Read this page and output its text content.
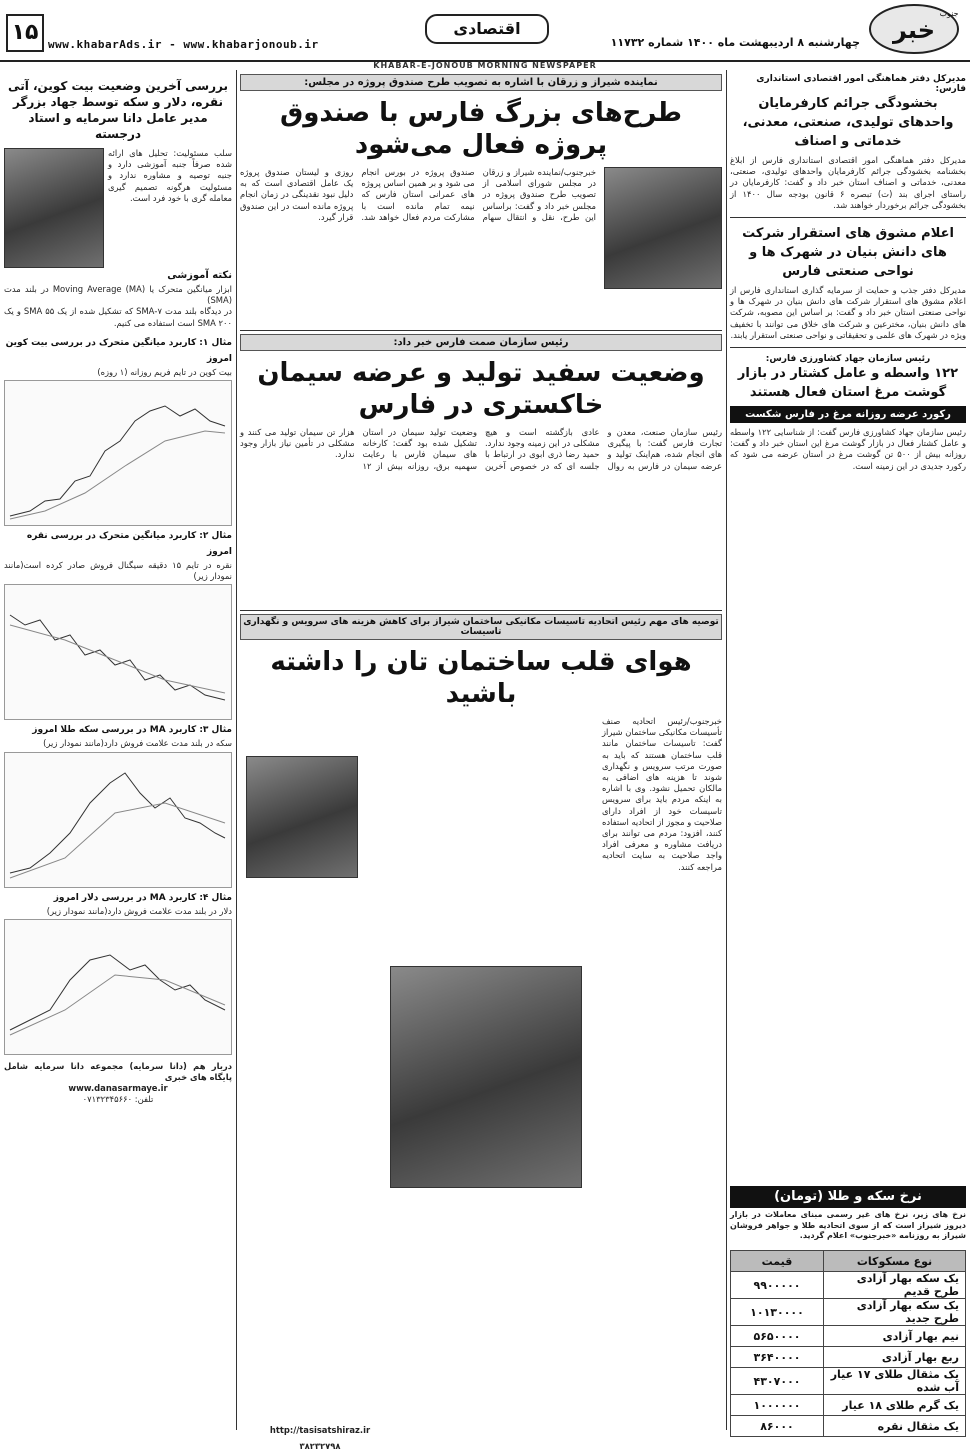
۱۵ www.khabarAds.ir - www.khabarjonoub.ir
اقتصادی
چهارشنبه ۸ اردیبهشت ماه ۱۴۰۰ شماره ۱۱۷۳۲ خبر
جنوب
KHABAR-E-JONOUB MORNING NEWSPAPER
بررسی آخرین وضعیت بیت کوین، آتی نقره، دلار و سکه توسط جهاد بزرگر مدیر عامل دانا سرمایه و استاد درجسته
سلب مسئولیت: تحلیل های ارائه شده صرفاً جنبه آموزشی دارد و جنبه توصیه و مشاوره ندارد و مسئولیت هرگونه تصمیم گیری معامله گری با خود فرد است.
نکته آموزشی
ابزار میانگین متحرک یا Moving Average (MA) در بلند مدت (SMA)
در دیدگاه بلند مدت ۷-SMA که تشکیل شده از یک SMA ۵۵ و یک SMA ۲۰۰ است استفاده می کنیم.
مثال ۱: کاربرد میانگین متحرک در بررسی بیت کوین امروز
بیت کوین در تایم فریم روزانه (۱ روزه)
مثال ۲: کاربرد میانگین متحرک در بررسی نقره امروز
نقره در تایم ۱۵ دقیقه سیگنال فروش صادر کرده است(مانند نمودار زیر)
مثال ۳: کاربرد MA در بررسی سکه طلا امروز
سکه در بلند مدت علامت فروش دارد(مانند نمودار زیر)
مثال ۴: کاربرد MA در بررسی دلار امروز
دلار در بلند مدت علامت فروش دارد(مانند نمودار زیر)
دربار هم (دانا سرمایه) مجموعه دانا سرمایه شامل پایگاه های خبری
www.danasarmaye.ir
تلفن: ۰۷۱۳۲۳۴۵۶۶۰
نماینده شیراز و زرقان با اشاره به تصویب طرح صندوق پروژه در مجلس:
طرح‌های بزرگ فارس با صندوق پروژه فعال می‌شود
خبرجنوب/نماینده شیراز و زرقان در مجلس شورای اسلامی از تصویب طرح صندوق پروژه در مجلس خبر داد و گفت: براساس این طرح، نقل و انتقال سهام صندوق پروژه در بورس انجام می شود و بر همین اساس پروژه های عمرانی استان فارس که نیمه تمام مانده است با مشارکت مردم فعال خواهد شد. روزی و لیستان صندوق پروژه یک عامل اقتصادی است که به دلیل نبود نقدینگی در زمان انجام پروژه مانده است در این صندوق قرار گیرد.
رئیس سازمان صمت فارس خبر داد:
وضعیت سفید تولید و عرضه سیمان خاکستری در فارس
رئیس سازمان صنعت، معدن و تجارت فارس گفت: با پیگیری های انجام شده، هم‌اینک تولید و عرضه سیمان در فارس به روال عادی بازگشته است و هیچ مشکلی در این زمینه وجود ندارد. حمید رضا ذری ابوی در ارتباط با جلسه ای که در خصوص آخرین وضعیت تولید سیمان در استان تشکیل شده بود گفت: کارخانه های سیمان فارس با رعایت سهمیه برق، روزانه بیش از ۱۲ هزار تن سیمان تولید می کنند و مشکلی در تأمین نیاز بازار وجود ندارد.
توصیه های مهم رئیس اتحادیه تاسیسات مکانیکی ساختمان شیراز برای کاهش هزینه های سرویس و نگهداری تاسیسات
هوای قلب ساختمان تان را داشته باشید
خبرجنوب/رئیس اتحادیه صنف تأسیسات مکانیکی ساختمان شیراز گفت: تاسیسات ساختمان مانند قلب ساختمان هستند که باید به صورت مرتب سرویس و نگهداری شوند تا هزینه های اضافی به مالکان تحمیل نشود. وی با اشاره به اینکه مردم باید برای سرویس تاسیسات خود از افراد دارای صلاحیت و مجوز از اتحادیه استفاده کنند، افزود: مردم می توانند برای دریافت مشاوره و معرفی افراد واجد صلاحیت به سایت اتحادیه مراجعه کنند.
http://tasisatshiraz.ir
۳۸۲۳۲۷۹۸
مدیرکل دفتر هماهنگی امور اقتصادی استانداری فارس:
بخشودگی جرائم کارفرمایان واحدهای تولیدی، صنعتی، معدنی، خدماتی و اصناف
مدیرکل دفتر هماهنگی امور اقتصادی استانداری فارس از ابلاغ بخشنامه بخشودگی جرائم کارفرمایان واحدهای تولیدی، صنعتی، معدنی، خدماتی و اصناف استان خبر داد و گفت: کارفرمایان در راستای اجرای بند (ت) تبصره ۶ قانون بودجه سال ۱۴۰۰ از بخشودگی جرائم برخوردار خواهند شد.
اعلام مشوق های استقرار شرکت های دانش بنیان در شهرک ها و نواحی صنعتی فارس
مدیرکل دفتر جذب و حمایت از سرمایه گذاری استانداری فارس از اعلام مشوق های استقرار شرکت های دانش بنیان در شهرک ها و نواحی صنعتی استان خبر داد و گفت: بر اساس این مصوبه، شرکت های دانش بنیان، مخترعین و شرکت های خلاق می توانند با تخفیف ویژه در شهرک های علمی و تحقیقاتی و نواحی صنعتی استقرار یابند.
رئیس سازمان جهاد کشاورزی فارس:
۱۲۲ واسطه و عامل کشتار در بازار گوشت مرغ استان فعال هستند
رکورد عرضه روزانه مرغ در فارس شکست
رئیس سازمان جهاد کشاورزی فارس گفت: از شناسایی ۱۲۲ واسطه و عامل کشتار فعال در بازار گوشت مرغ این استان خبر داد و گفت: روزانه بیش از ۵۰۰ تن گوشت مرغ در استان عرضه می شود که رکورد جدیدی در این زمینه است.
نرخ سکه و طلا (تومان)
نرخ های زیر، نرخ های غیر رسمی مبنای معاملات در بازار دیروز شیراز است که از سوی اتحادیه طلا و جواهر فروشان شیراز به روزنامه «خبرجنوب» اعلام گردید.
نوع مسکوکات	قیمت
یک سکه بهار آزادی طرح قدیم	۹۹۰۰۰۰۰
یک سکه بهار آزادی طرح جدید	۱۰۱۳۰۰۰۰
نیم بهار آزادی	۵۶۵۰۰۰۰
ربع بهار آزادی	۳۶۴۰۰۰۰
یک مثقال طلای ۱۷ عیار آب شده	۴۳۰۷۰۰۰
یک گرم طلای ۱۸ عیار	۱۰۰۰۰۰۰
یک مثقال نقره	۸۶۰۰۰
